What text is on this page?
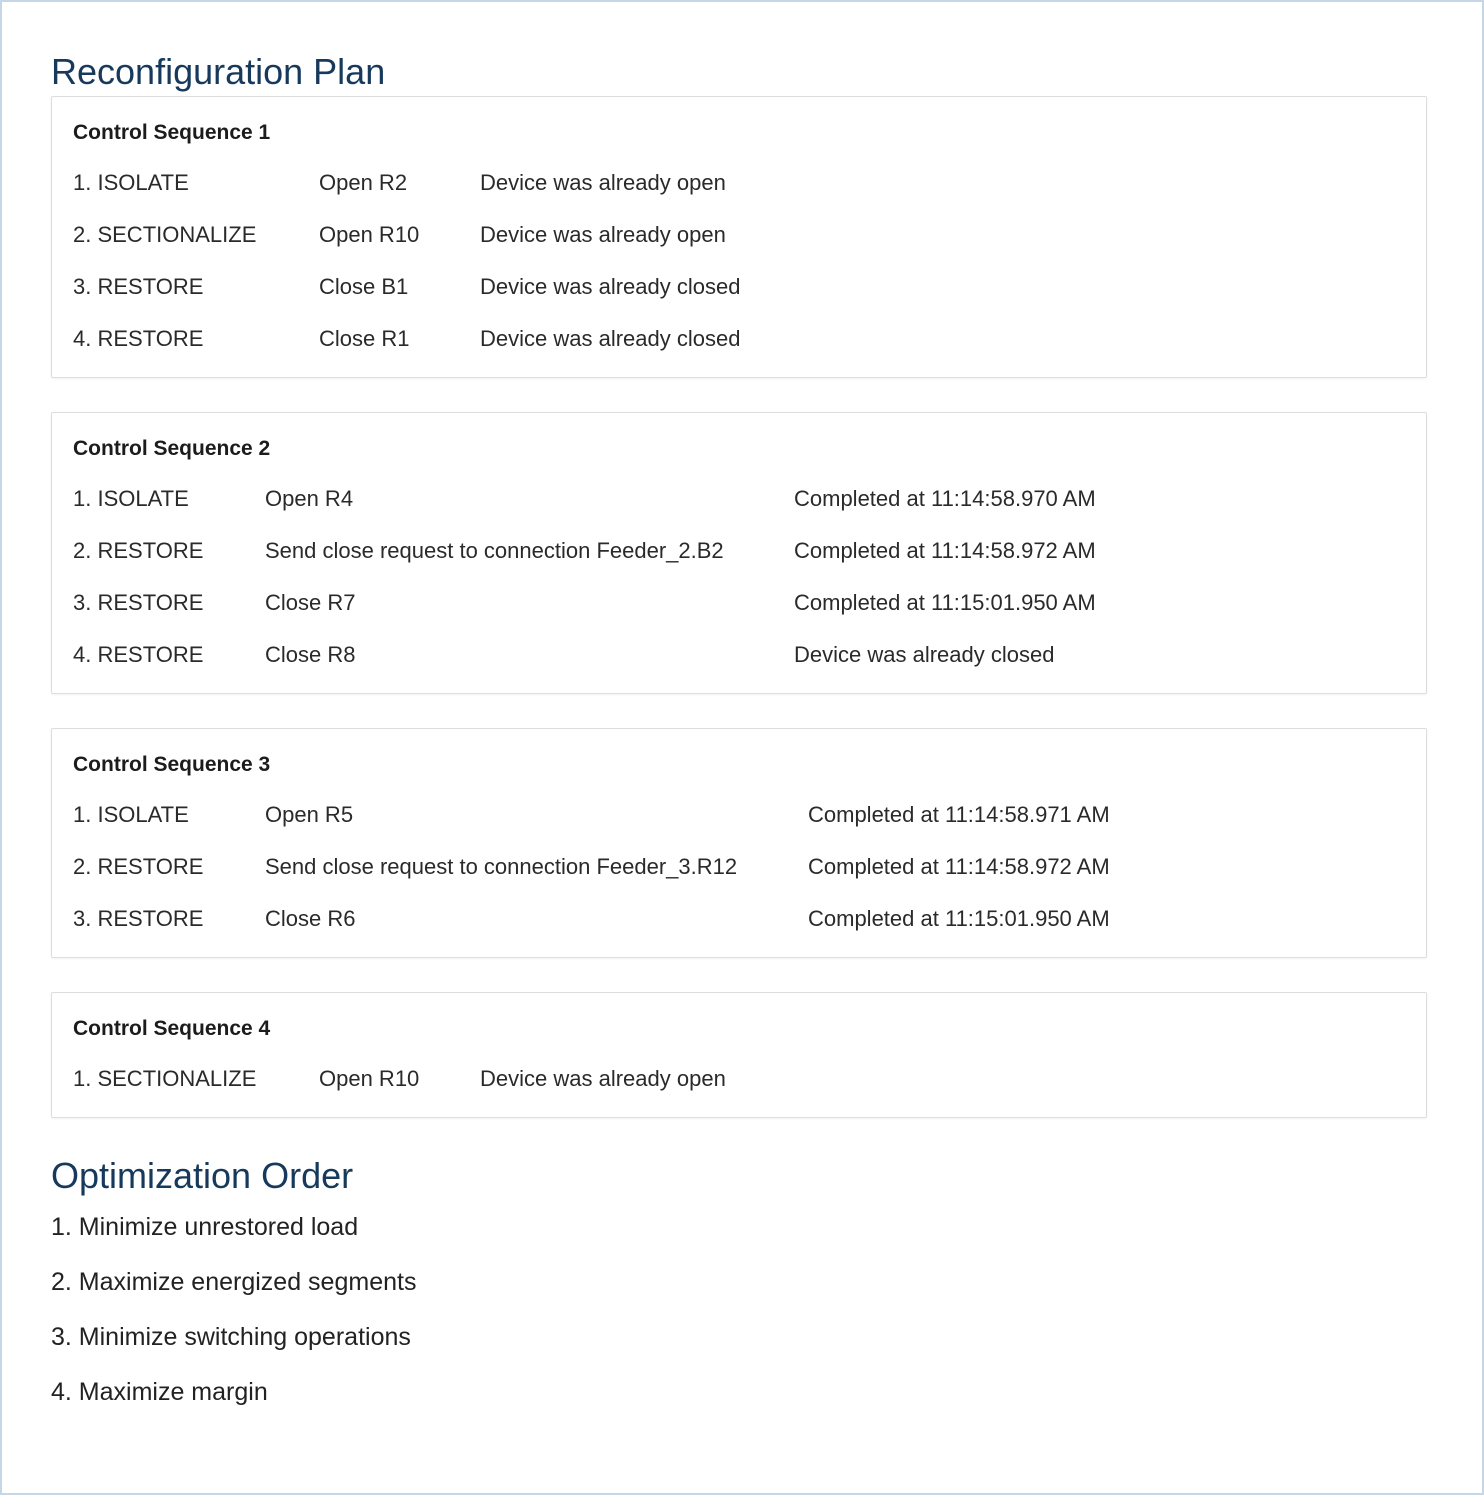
Reconfiguration Plan
Control Sequence 1
1. ISOLATE	Open R2	Device was already open
2. SECTIONALIZE	Open R10	Device was already open
3. RESTORE	Close B1	Device was already closed
4. RESTORE	Close R1	Device was already closed
Control Sequence 2
1. ISOLATE	Open R4	Completed at 11:14:58.970 AM
2. RESTORE	Send close request to connection Feeder_2.B2	Completed at 11:14:58.972 AM
3. RESTORE	Close R7	Completed at 11:15:01.950 AM
4. RESTORE	Close R8	Device was already closed
Control Sequence 3
1. ISOLATE	Open R5	Completed at 11:14:58.971 AM
2. RESTORE	Send close request to connection Feeder_3.R12	Completed at 11:14:58.972 AM
3. RESTORE	Close R6	Completed at 11:15:01.950 AM
Control Sequence 4
1. SECTIONALIZE	Open R10	Device was already open
Optimization Order
1. Minimize unrestored load
2. Maximize energized segments
3. Minimize switching operations
4. Maximize margin
